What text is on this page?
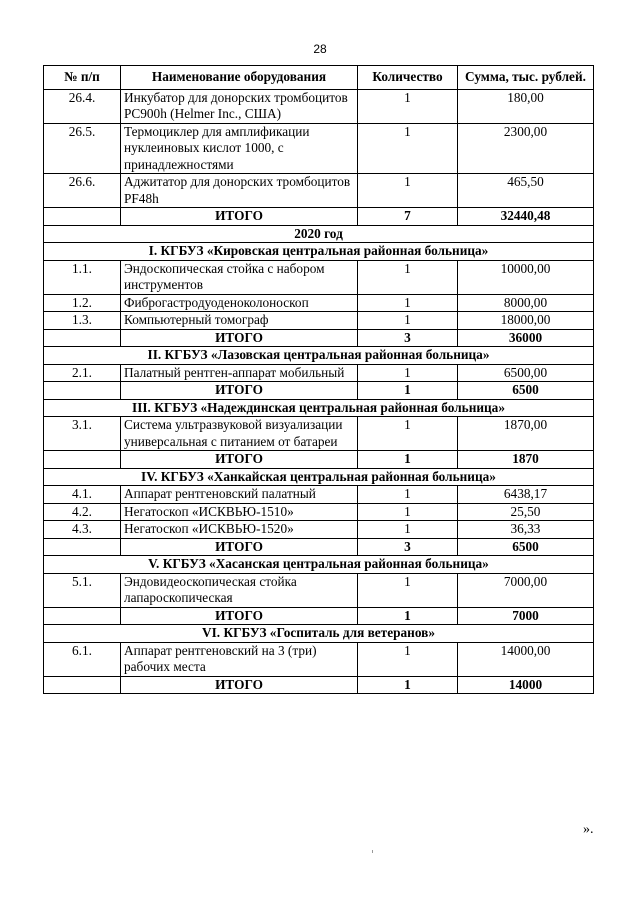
28
№ п/п	Наименование оборудования	Количество	Сумма, тыс. рублей.
26.4.	Инкубатор для донорских тромбоцитов PC900h (Helmer Inc., США)	1	180,00
26.5.	Термоциклер для амплификации нуклеиновых кислот 1000, с принадлежностями	1	2300,00
26.6.	Аджитатор для донорских тромбоцитов PF48h	1	465,50
	ИТОГО	7	32440,48
2020 год			
I. КГБУЗ «Кировская центральная районная больница»			
1.1.	Эндоскопическая стойка с набором инструментов	1	10000,00
1.2.	Фиброгастродуоденоколоноскоп	1	8000,00
1.3.	Компьютерный томограф	1	18000,00
	ИТОГО	3	36000
II. КГБУЗ «Лазовская центральная районная больница»			
2.1.	Палатный рентген-аппарат мобильный	1	6500,00
	ИТОГО	1	6500
III. КГБУЗ «Надеждинская центральная районная больница»			
3.1.	Система ультразвуковой визуализации универсальная с питанием от батареи	1	1870,00
	ИТОГО	1	1870
IV. КГБУЗ «Ханкайская центральная районная больница»			
4.1.	Аппарат рентгеновский палатный	1	6438,17
4.2.	Негатоскоп «ИСКВЬЮ-1510»	1	25,50
4.3.	Негатоскоп «ИСКВЬЮ-1520»	1	36,33
	ИТОГО	3	6500
V. КГБУЗ «Хасанская центральная районная больница»			
5.1.	Эндовидеоскопическая стойка лапароскопическая	1	7000,00
	ИТОГО	1	7000
VI. КГБУЗ «Госпиталь для ветеранов»			
6.1.	Аппарат рентгеновский на 3 (три) рабочих места	1	14000,00
	ИТОГО	1	14000
».
